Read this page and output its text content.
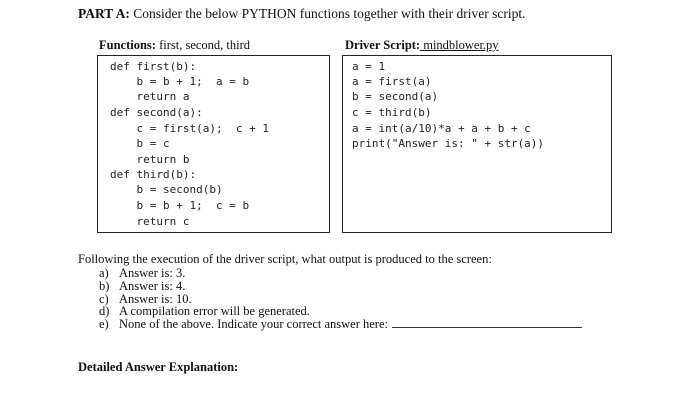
PART A: Consider the below PYTHON functions together with their driver script.
Functions: first, second, third	Driver Script: mindblower.py
def first(b):
b = b + 1;  a = b
return a
def second(a):
c = first(a);  c + 1
b = c
return b
def third(b):
b = second(b)
b = b + 1;  c = b
return c
a = 1
a = first(a)
b = second(a)
c = third(b)
a = int(a/10)*a + a + b + c
print("Answer is: " + str(a))
Following the execution of the driver script, what output is produced to the screen:
a) Answer is: 3.
b) Answer is: 4.
c) Answer is: 10.
d) A compilation error will be generated.
e) None of the above. Indicate your correct answer here:
Detailed Answer Explanation:
